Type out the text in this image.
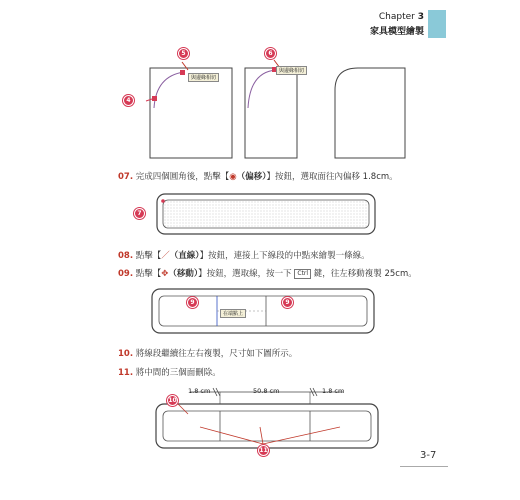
Chapter 3
家具模型繪製
5	6
4
與邊緣相切
與邊緣相切
07. 完成四個圓角後，點擊【◉（偏移）】按鈕，選取面往內偏移 1.8cm。
7
08. 點擊【／（直線）】按鈕，連接上下線段的中點來繪製一條線。
09. 點擊【✥（移動）】按鈕，選取線，按一下 Ctrl 鍵，往左移動複製 25cm。
9	9
在端點上
10. 將線段繼續往左右複製，尺寸如下圖所示。
11. 將中間的三個面刪除。
1.8 cm	50.8 cm	1.8 cm
10
11	3-7
